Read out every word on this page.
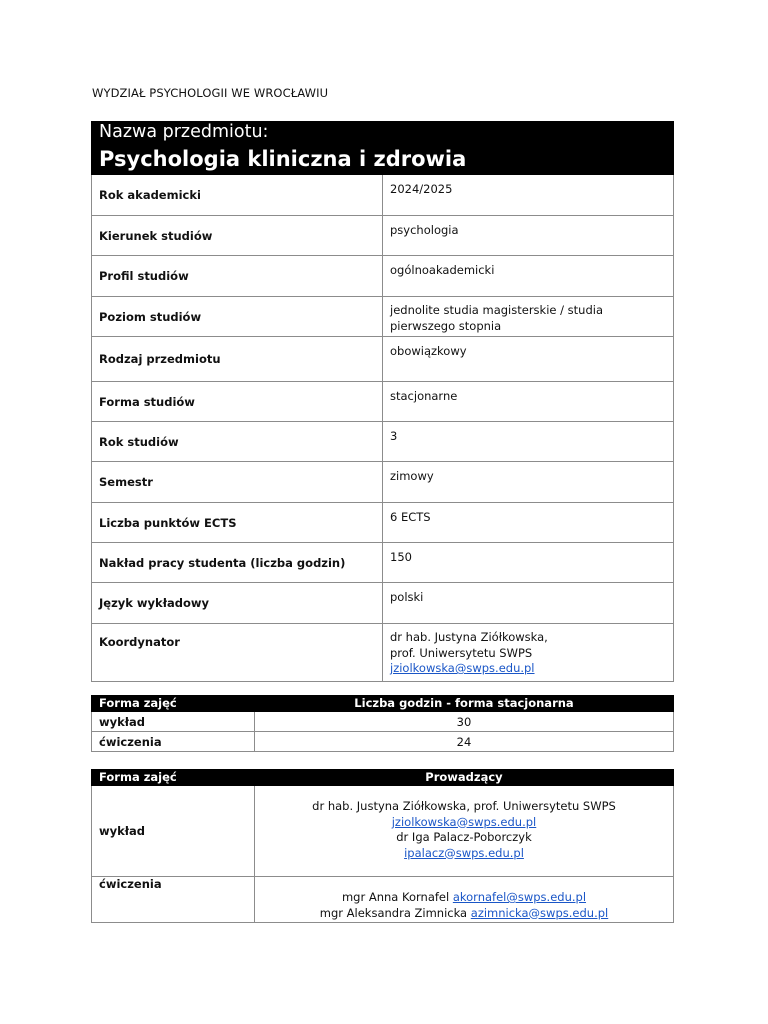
WYDZIAŁ PSYCHOLOGII WE WROCŁAWIU
Nazwa przedmiotu:	
Psychologia kliniczna i zdrowia	
Rok akademicki	2024/2025
Kierunek studiów	psychologia
Profil studiów	ogólnoakademicki
Poziom studiów	jednolite studia magisterskie / studia
pierwszego stopnia

Rodzaj przedmiotu	obowiązkowy
Forma studiów	stacjonarne
Rok studiów	3
Semestr	zimowy
Liczba punktów ECTS	6 ECTS
Nakład pracy studenta (liczba godzin)	150
Język wykładowy	polski
Koordynator	dr hab. Justyna Ziółkowska,
prof. Uniwersytetu SWPS
jziolkowska@swps.edu.pl
Forma zajęć	Liczba godzin - forma stacjonarna
wykład	30
ćwiczenia	24
Forma zajęć	Prowadzący
wykład	dr hab. Justyna Ziółkowska, prof. Uniwersytetu SWPS
jziolkowska@swps.edu.pl
dr Iga Palacz-Poborczyk
ipalacz@swps.edu.pl

ćwiczenia	mgr Anna Kornafel akornafel@swps.edu.pl
mgr Aleksandra Zimnicka azimnicka@swps.edu.pl
